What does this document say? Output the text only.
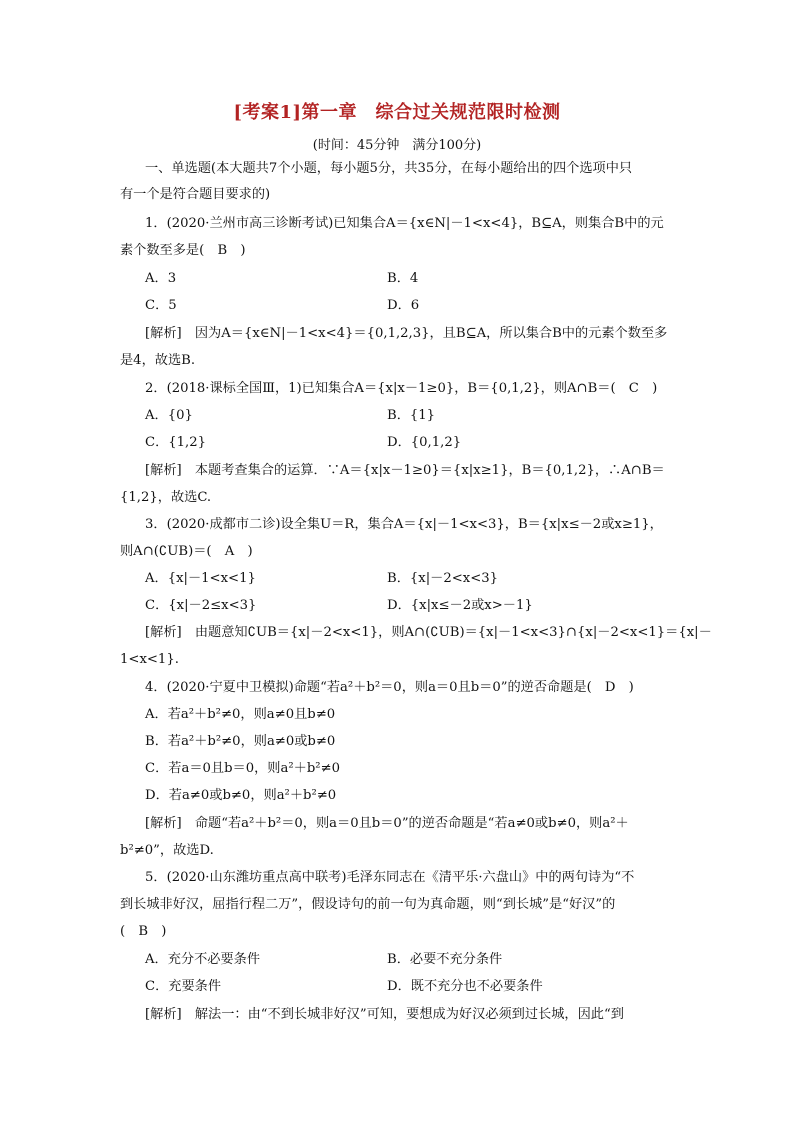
[考案1]第一章　综合过关规范限时检测
(时间：45分钟　满分100分)
一、单选题(本大题共7个小题，每小题5分，共35分，在每小题给出的四个选项中只
有一个是符合题目要求的)
1．(2020·兰州市高三诊断考试)已知集合A＝{x∈N|－1<x<4}，B⊆A，则集合B中的元
素个数至多是(　B　)
A．3	B．4
C．5	D．6
[解析]　因为A＝{x∈N|－1<x<4}＝{0,1,2,3}，且B⊆A，所以集合B中的元素个数至多
是4，故选B.
2．(2018·课标全国Ⅲ，1)已知集合A＝{x|x－1≥0}，B＝{0,1,2}，则A∩B＝(　C　)
A．{0}	B．{1}
C．{1,2}	D．{0,1,2}
[解析]　本题考查集合的运算．∵A＝{x|x－1≥0}＝{x|x≥1}，B＝{0,1,2}，∴A∩B＝
{1,2}，故选C.
3．(2020·成都市二诊)设全集U＝R，集合A＝{x|－1<x<3}，B＝{x|x≤－2或x≥1}，
则A∩(∁UB)＝(　A　)
A．{x|－1<x<1}	B．{x|－2<x<3}
C．{x|－2≤x<3}	D．{x|x≤－2或x>－1}
[解析]　由题意知∁UB＝{x|－2<x<1}，则A∩(∁UB)＝{x|－1<x<3}∩{x|－2<x<1}＝{x|－
1<x<1}.
4．(2020·宁夏中卫模拟)命题“若a²＋b²＝0，则a＝0且b＝0”的逆否命题是(　D　)
A．若a²＋b²≠0，则a≠0且b≠0
B．若a²＋b²≠0，则a≠0或b≠0
C．若a＝0且b＝0，则a²＋b²≠0
D．若a≠0或b≠0，则a²＋b²≠0
[解析]　命题“若a²＋b²＝0，则a＝0且b＝0”的逆否命题是“若a≠0或b≠0，则a²＋
b²≠0”，故选D.
5．(2020·山东潍坊重点高中联考)毛泽东同志在《清平乐·六盘山》中的两句诗为“不
到长城非好汉，屈指行程二万”，假设诗句的前一句为真命题，则“到长城”是“好汉”的
(　B　)
A．充分不必要条件	B．必要不充分条件
C．充要条件	D．既不充分也不必要条件
[解析]　解法一：由“不到长城非好汉”可知，要想成为好汉必须到过长城，因此“到
